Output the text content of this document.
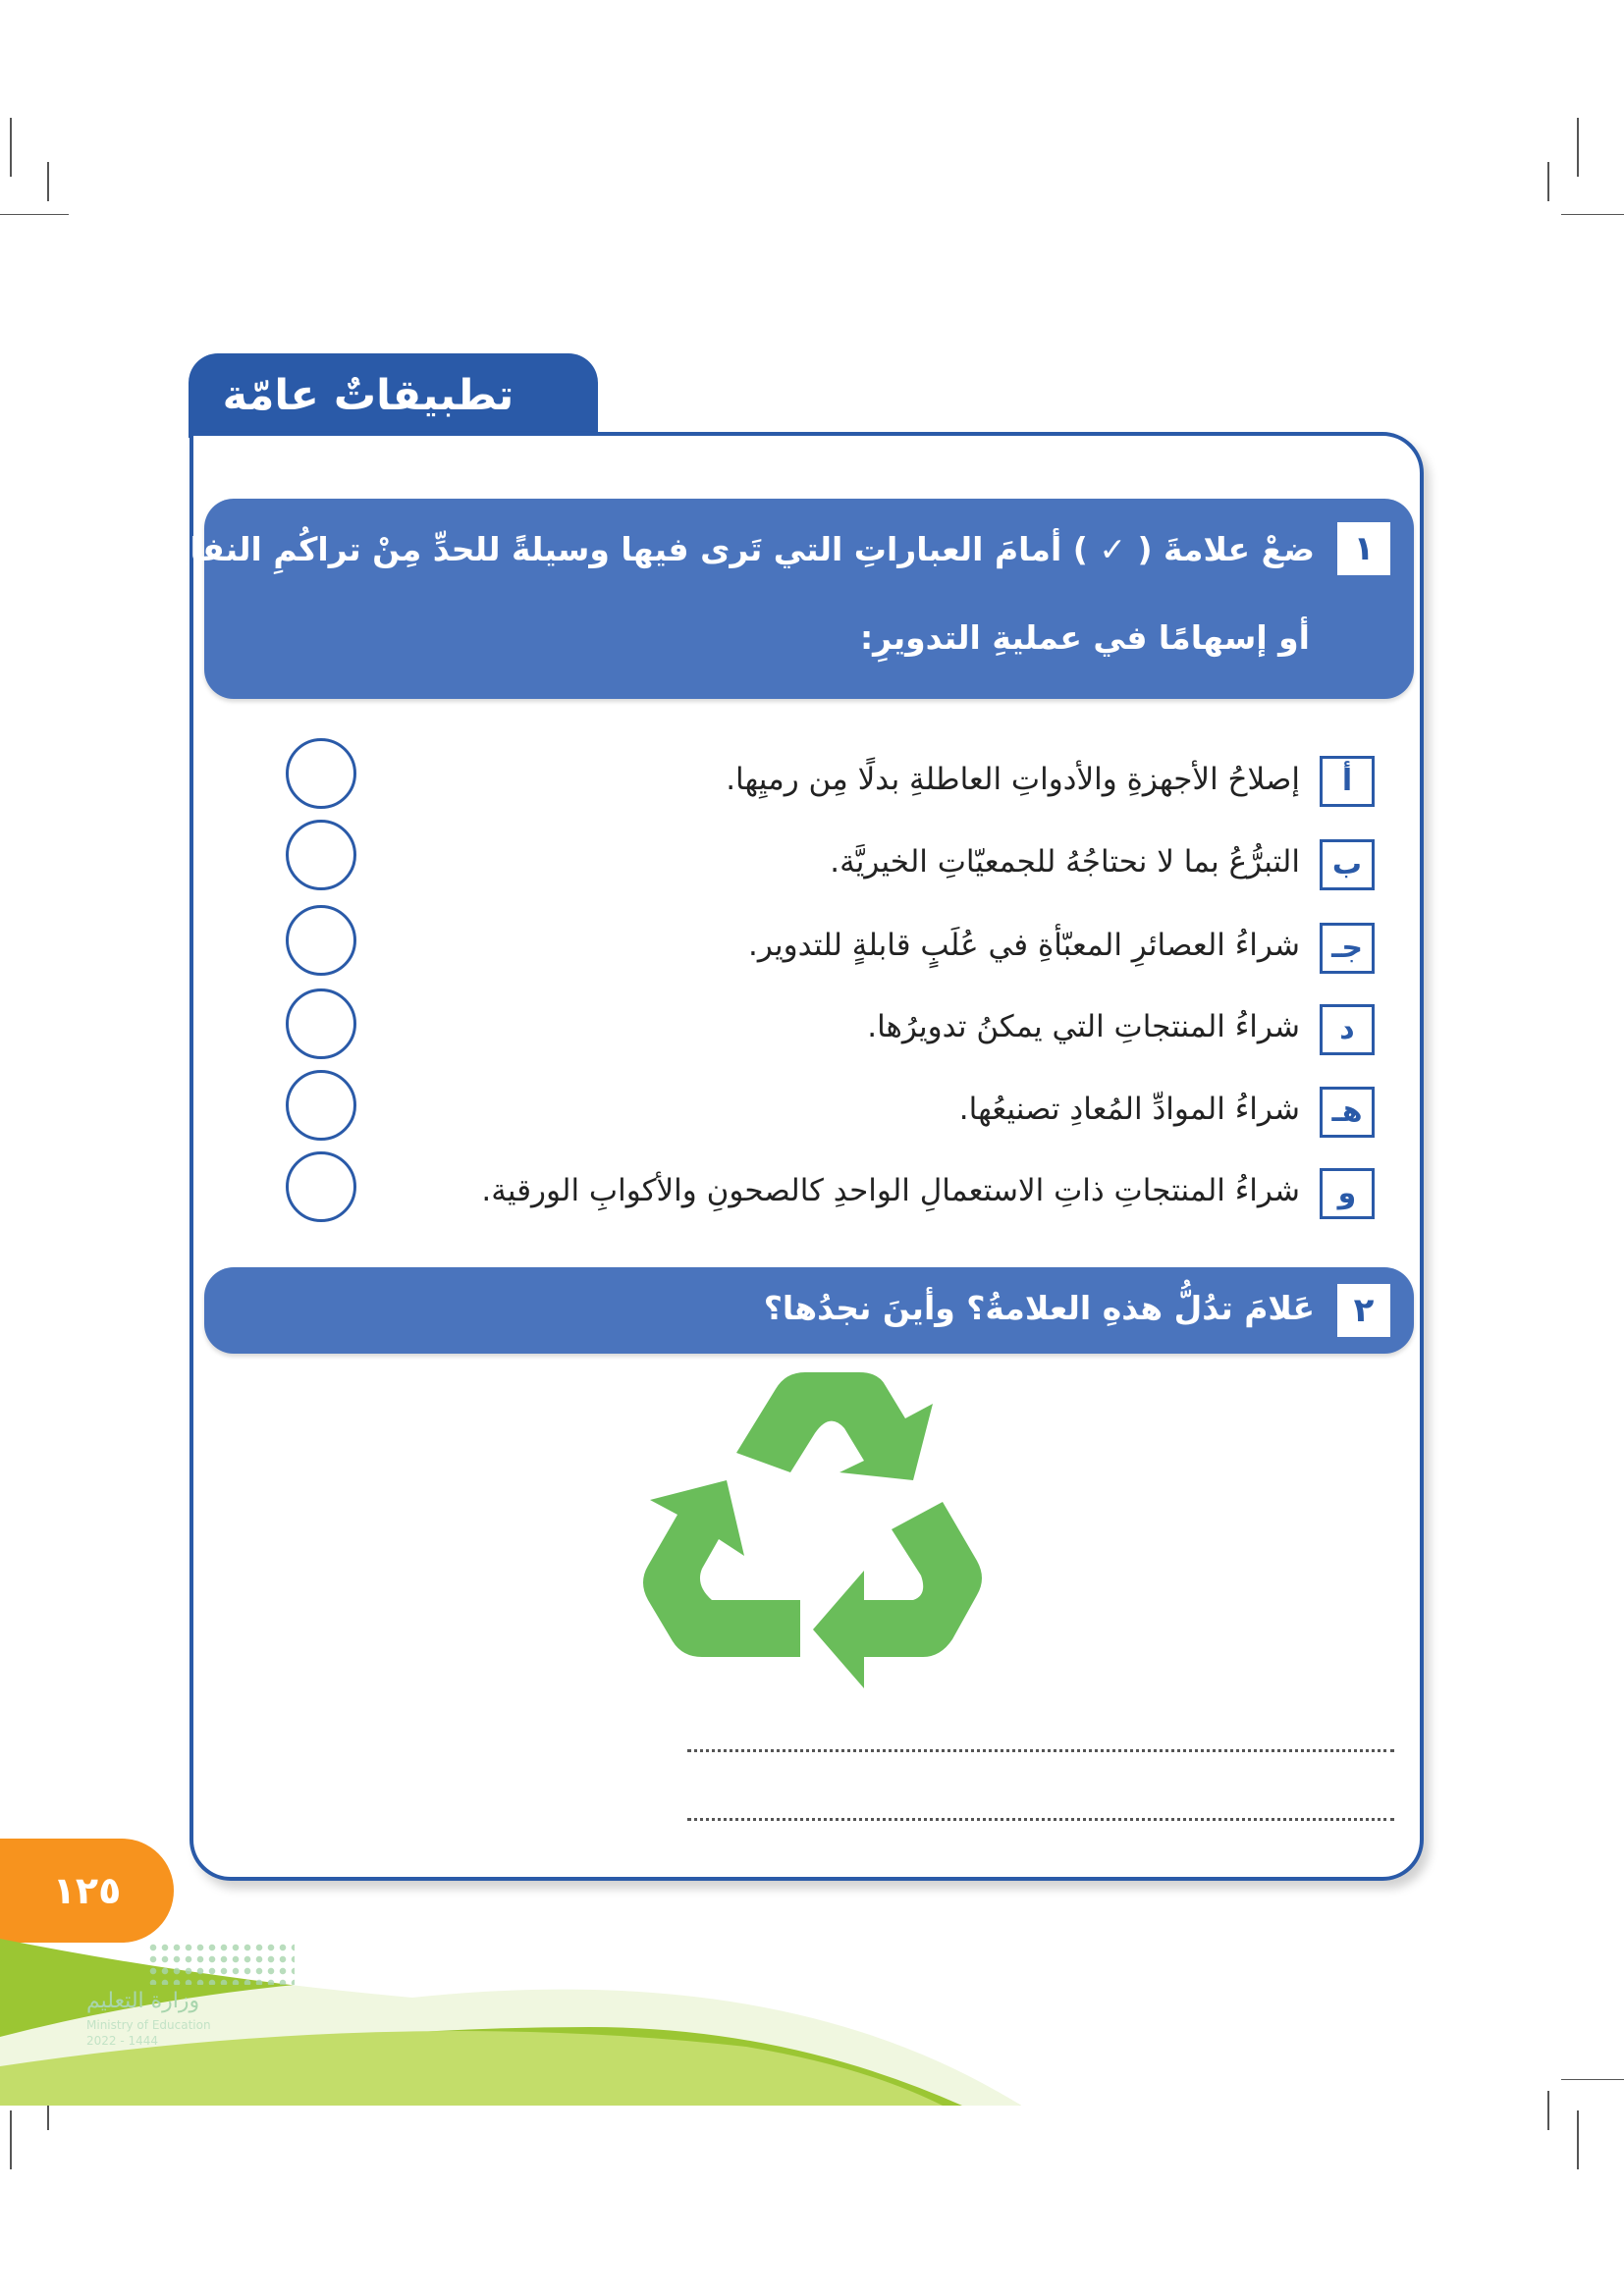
تطبيقاتٌ عامّة
١
ضعْ علامةَ ( ✓ ) أمامَ العباراتِ التي تَرى فيها وسيلةً للحدِّ مِنْ تراكُمِ النفاياتِ
أو إسهامًا في عمليةِ التدويرِ:
أ
إصلاحُ الأجهزةِ والأدواتِ العاطلةِ بدلًا مِن رميِها.
ب
التبرُّعُ بما لا نحتاجُهُ للجمعيّاتِ الخيريَّة.
جـ
شراءُ العصائرِ المعبّأةِ في عُلَبٍ قابلةٍ للتدوير.
د
شراءُ المنتجاتِ التي يمكنُ تدويرُها.
هـ
شراءُ الموادِّ المُعادِ تصنيعُها.
و
شراءُ المنتجاتِ ذاتِ الاستعمالِ الواحدِ كالصحونِ والأكوابِ الورقية.
٢
عَلامَ تدُلُّ هذهِ العلامةُ؟ وأينَ نجدُها؟
١٢٥
وزارة التعليم
Ministry of Education
2022 - 1444
